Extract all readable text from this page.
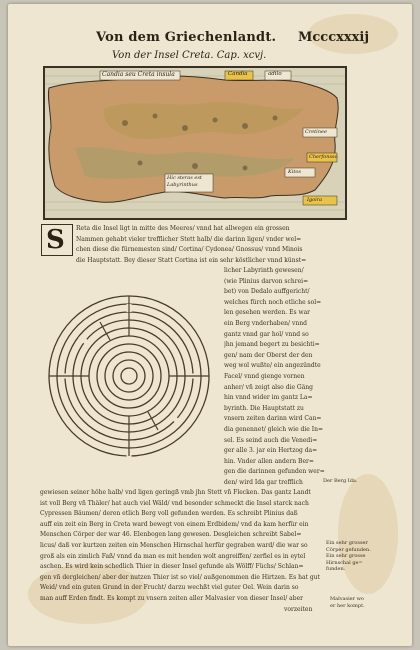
Von dem Griechenlandt. Mcccxxxij
Von der Insel Creta. Cap. xcvj.
Candia seu Creta insula	Candia	adilo
Cretinee
Cherfonsso
Kitos
Igoira
Hic steras est Labyrinthus
S Reta die Insel ligt in mitte des Meeres/ vnnd hat allwegen ein grossen
Nammen gehabt vieler trefflicher Stett halb/ die darinn ligen/ vnder wel=
chen diese die fürnemesten sind/ Cortina/ Cydonea/ Gnossus/ vnnd Minois
die Hauptstatt. Bey dieser Statt Cortina ist ein sehr köstlicher vnnd künst=
licher Labyrinth gewesen/
(wie Plinius darvon schrei=
bet) von Dedalo auffgericht/
welches fürch noch etliche sol=
len gesehen werden. Es war
ein Berg vnderhaben/ vnnd
gantz vnnd gar hol/ vnnd so
jhn jemand begert zu besichti=
gen/ nam der Oberst der den
weg wol wußte/ ein angezündte
Facel/ vnnd gienge vornen
anher/ vñ zeigt also die Gäng
hin vnnd wider im gantz La=
byrinth. Die Hauptstatt zu
vnsern zeiten darinn wird Can=
dia genennet/ gleich wie die In=
sel. Es seind auch die Venedi=
ger alle 3. jar ein Hertzog da=
hin. Vnder allen andern Ber=
gen die darinnen gefunden wer=
den/ wird Ida gar trefflich
gewiesen seiner höhe halb/ vnd ligen geringß vmb jhn Stett vñ Flecken. Das gantz Landt
ist voll Berg vñ Thäler/ hat auch viel Wäld/ vnd besonder schmeckt die Insel starck nach
Cypressen Bäumen/ deren etlich Berg voll gefunden werden. Es schreibt Plinius daß
auff ein zeit ein Berg in Creta ward bewegt von einem Erdbidem/ vnd da kam herfür ein
Menschen Cörper der war 46. Elenbogen lang gewesen. Desgleichen schreibt Sabel=
licus/ daß vor kurtzen zeiten ein Menschen Hirnschal herfür gegraben ward/ die war so
groß als ein zimlich Faß/ vnnd da man es mit henden wolt angreiffen/ zerfiel es in eytel
aschen. Es wird kein schedlich Thier in dieser Insel gefunde als Wölff/ Füchs/ Schlan=
gen vñ dergleichen/ aber der nutzen Thier ist so viel/ außgenommen die Hirtzen. Es hat gut
Weid/ vnd ein guten Grund in der Frucht/ darzu wechßt viel guter Oel. Wein darin so
man auff Erden findt. Es kompt zu vnsern zeiten aller Malvasier von dieser Insel/ aber
vorzeiten
Der Berg Ida.
Ein sehr grosser
Cörper gefunden.
Ein sehr grosse
Hirnschal ge=
funden.
Malvasier wo
er her kompt.
